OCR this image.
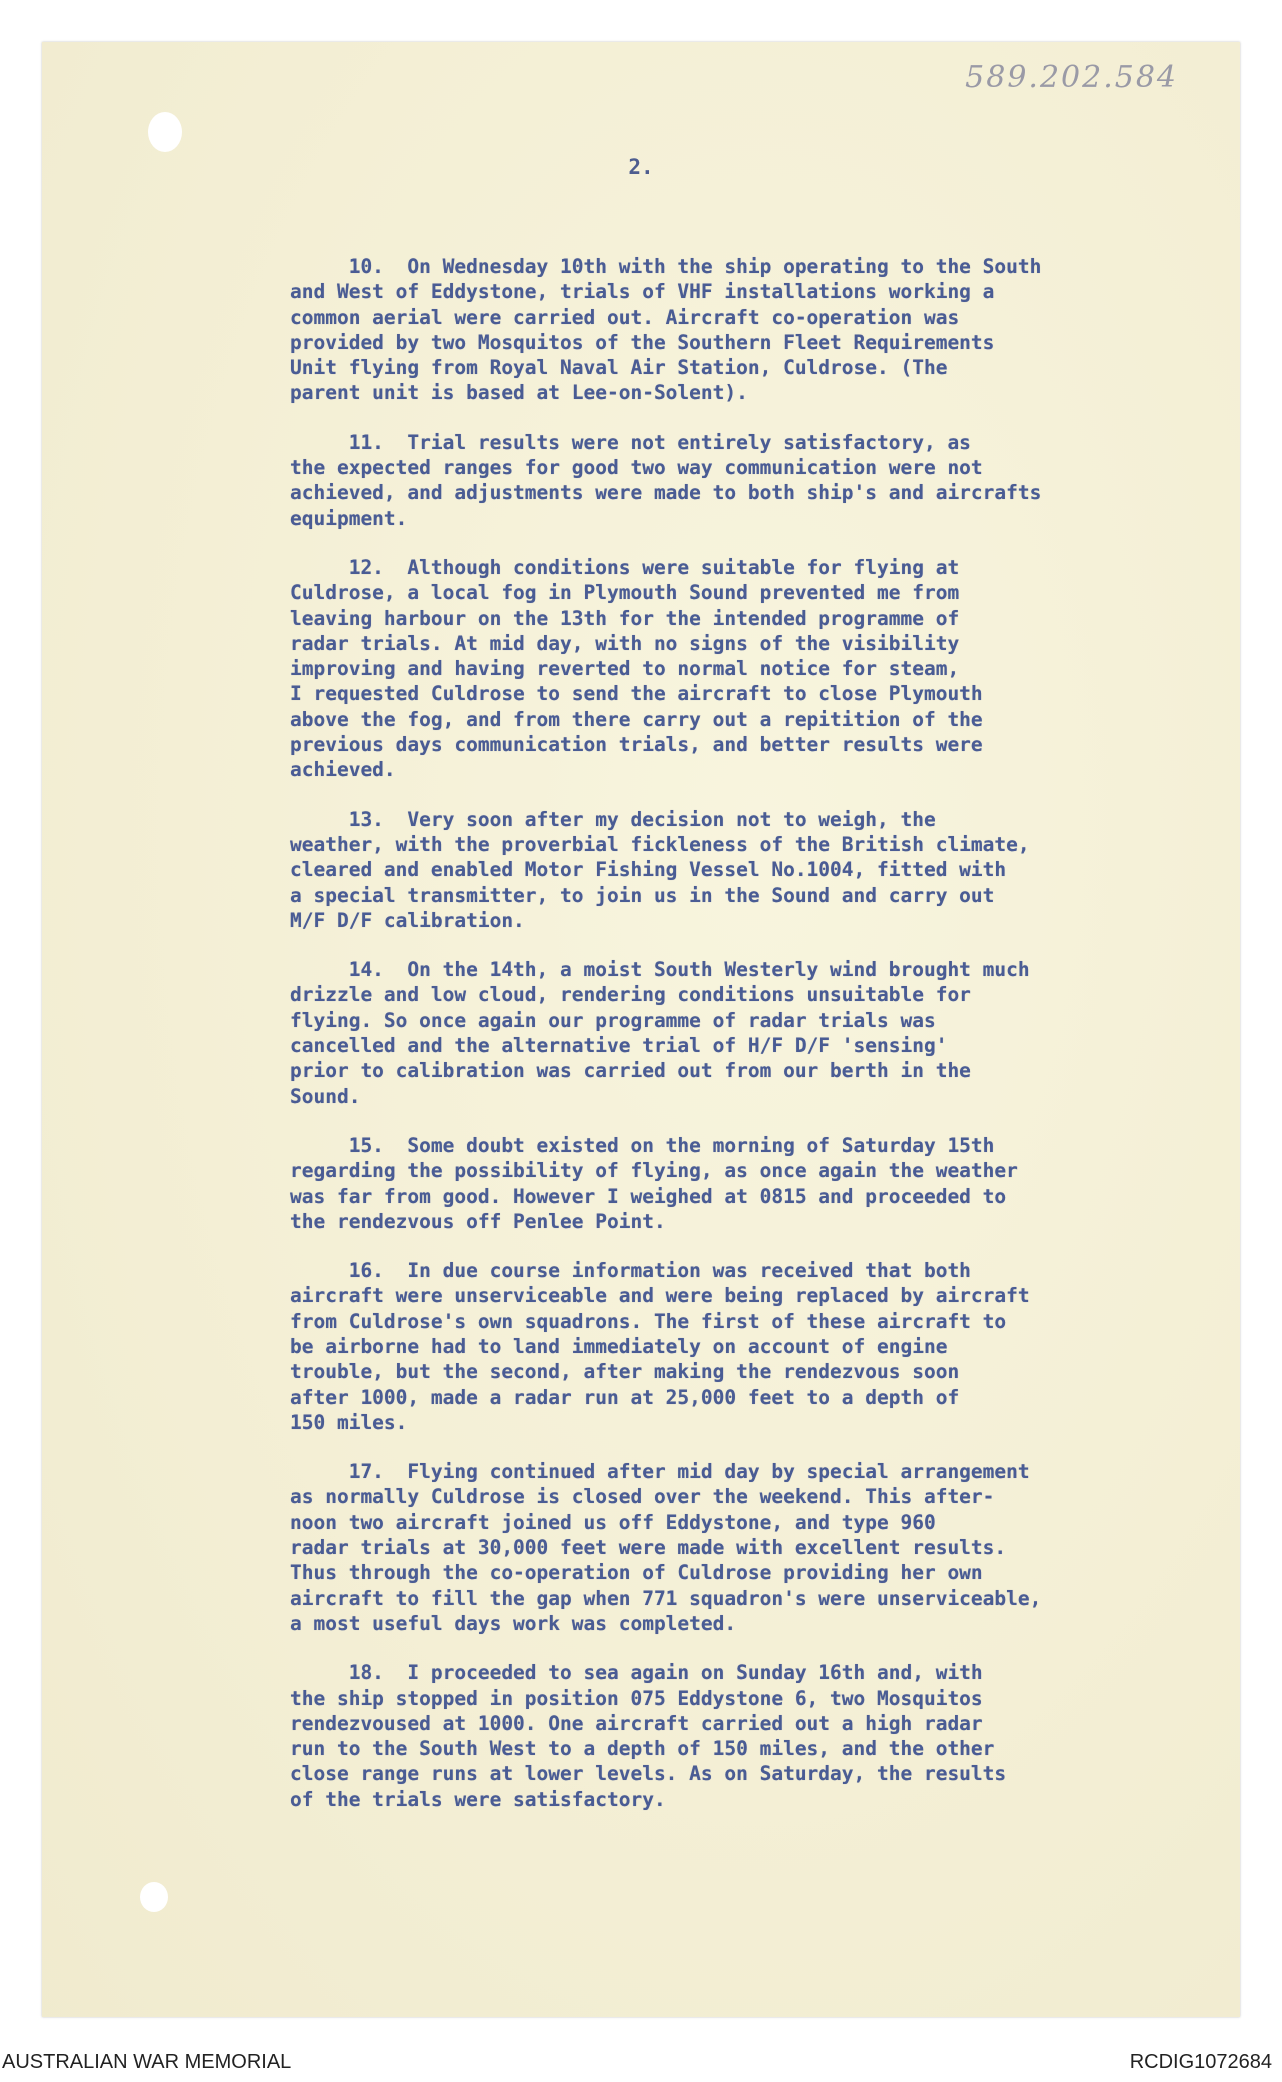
589.202.584
2.

10.  On Wednesday 10th with the ship operating to the South
and West of Eddystone, trials of VHF installations working a
common aerial were carried out. Aircraft co-operation was
provided by two Mosquitos of the Southern Fleet Requirements
Unit flying from Royal Naval Air Station, Culdrose. (The
parent unit is based at Lee-on-Solent).

11.  Trial results were not entirely satisfactory, as
the expected ranges for good two way communication were not
achieved, and adjustments were made to both ship's and aircrafts
equipment.

12.  Although conditions were suitable for flying at
Culdrose, a local fog in Plymouth Sound prevented me from
leaving harbour on the 13th for the intended programme of
radar trials. At mid day, with no signs of the visibility
improving and having reverted to normal notice for steam,
I requested Culdrose to send the aircraft to close Plymouth
above the fog, and from there carry out a repitition of the
previous days communication trials, and better results were
achieved.

13.  Very soon after my decision not to weigh, the
weather, with the proverbial fickleness of the British climate,
cleared and enabled Motor Fishing Vessel No.1004, fitted with
a special transmitter, to join us in the Sound and carry out
M/F D/F calibration.

14.  On the 14th, a moist South Westerly wind brought much
drizzle and low cloud, rendering conditions unsuitable for
flying. So once again our programme of radar trials was
cancelled and the alternative trial of H/F D/F 'sensing'
prior to calibration was carried out from our berth in the
Sound.

15.  Some doubt existed on the morning of Saturday 15th
regarding the possibility of flying, as once again the weather
was far from good. However I weighed at 0815 and proceeded to
the rendezvous off Penlee Point.

16.  In due course information was received that both
aircraft were unserviceable and were being replaced by aircraft
from Culdrose's own squadrons. The first of these aircraft to
be airborne had to land immediately on account of engine
trouble, but the second, after making the rendezvous soon
after 1000, made a radar run at 25,000 feet to a depth of
150 miles.

17.  Flying continued after mid day by special arrangement
as normally Culdrose is closed over the weekend. This after-
noon two aircraft joined us off Eddystone, and type 960
radar trials at 30,000 feet were made with excellent results.
Thus through the co-operation of Culdrose providing her own
aircraft to fill the gap when 771 squadron's were unserviceable,
a most useful days work was completed.

18.  I proceeded to sea again on Sunday 16th and, with
the ship stopped in position 075 Eddystone 6, two Mosquitos
rendezvoused at 1000. One aircraft carried out a high radar
run to the South West to a depth of 150 miles, and the other
close range runs at lower levels. As on Saturday, the results
of the trials were satisfactory.

AUSTRALIAN WAR MEMORIAL	RCDIG1072684
